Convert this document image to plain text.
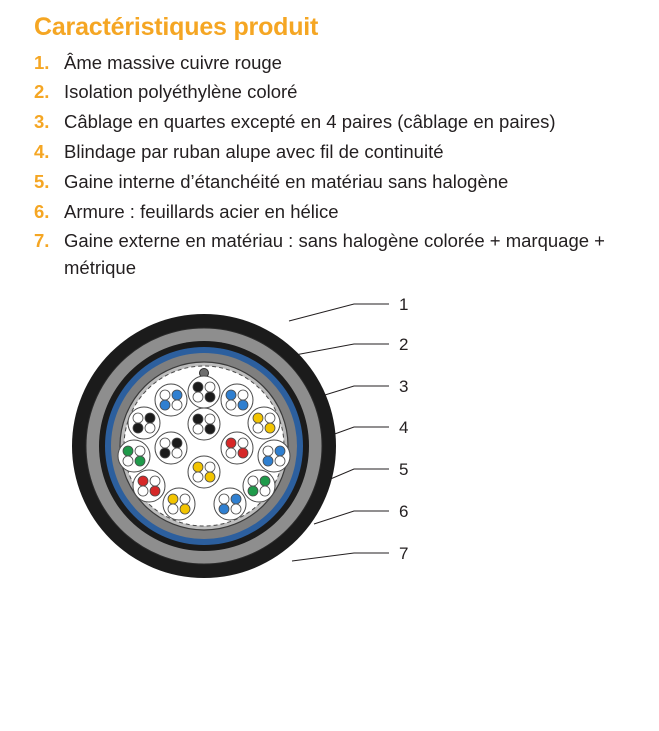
Caractéristiques produit
1. Âme massive cuivre rouge
2. Isolation polyéthylène coloré
3. Câblage en quartes excepté en 4 paires (câblage en paires)
4. Blindage par ruban alupe avec fil de continuité
5. Gaine interne d’étanchéité en matériau sans halogène
6. Armure : feuillards acier en hélice
7. Gaine externe en matériau : sans halogène colorée + marquage + métrique
1
2
3
4
5
6
7
